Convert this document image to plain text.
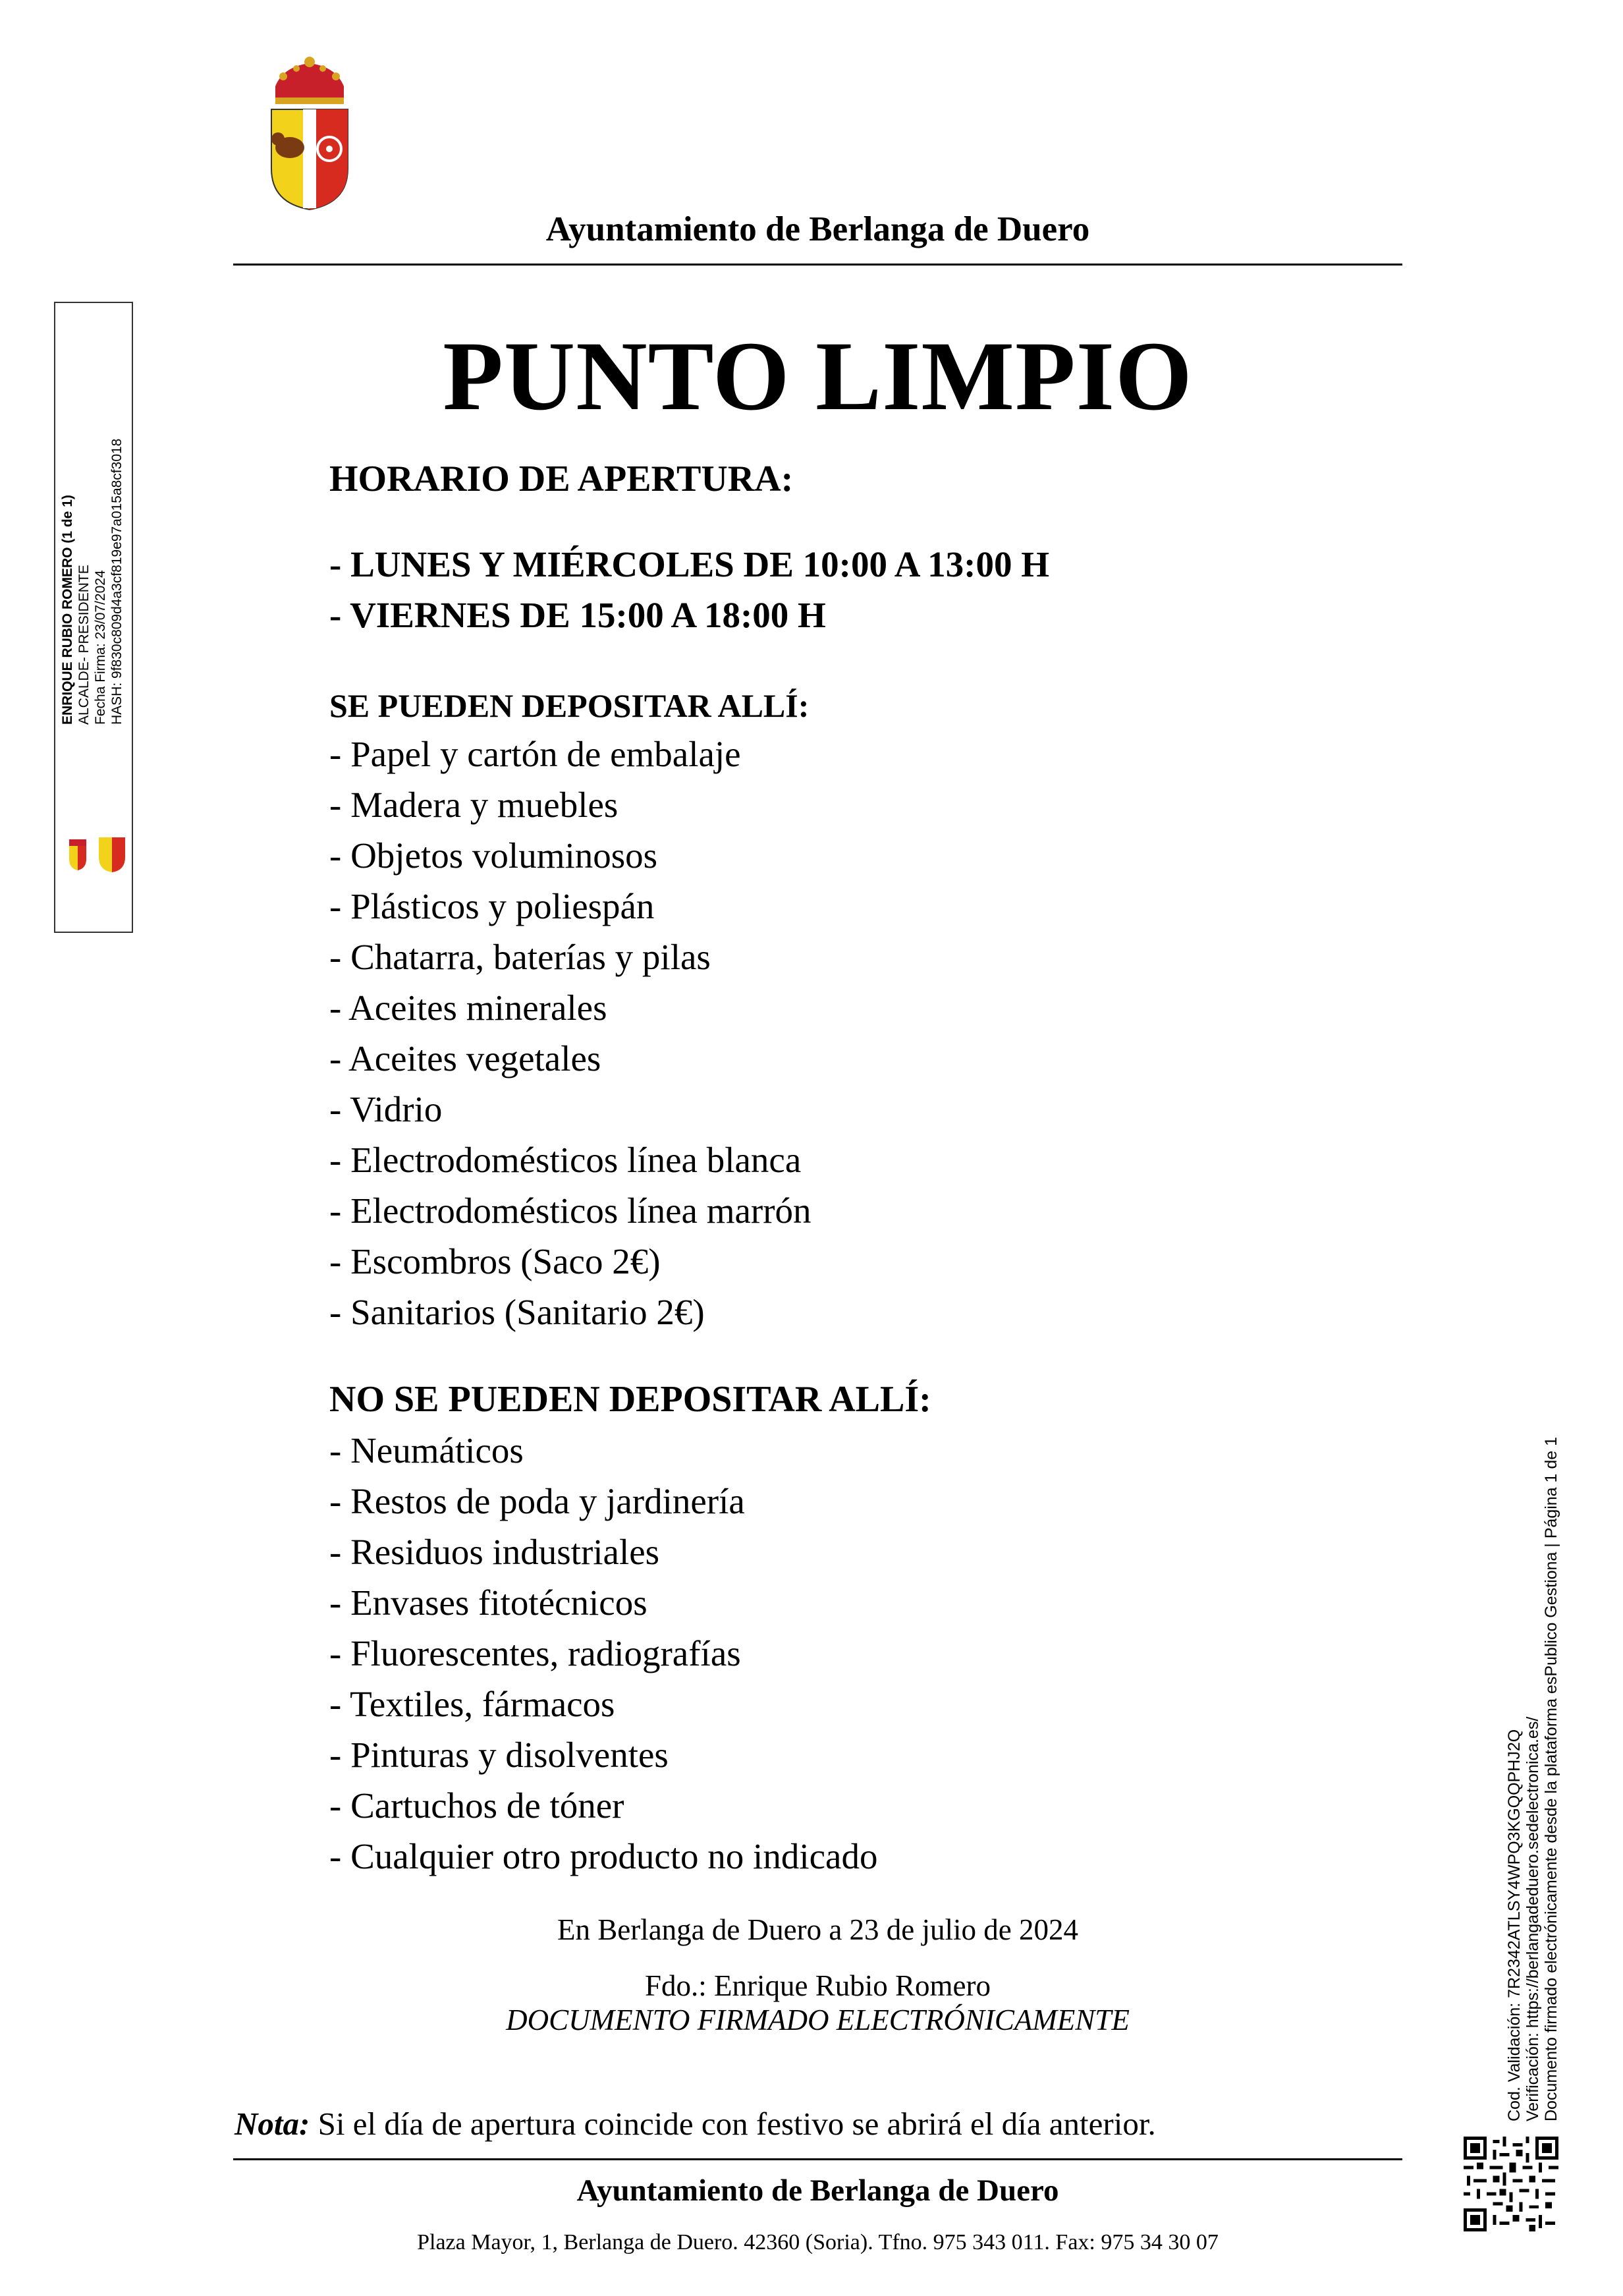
Ayuntamiento de Berlanga de Duero
ENRIQUE RUBIO ROMERO (1 de 1) ALCALDE- PRESIDENTE Fecha Firma: 23/07/2024 HASH: 9f830c809d4a3cf819e97a015a8cf3018
PUNTO LIMPIO
HORARIO DE APERTURA:
- LUNES Y MIÉRCOLES DE 10:00 A 13:00 H
- VIERNES DE 15:00 A 18:00 H
SE PUEDEN DEPOSITAR ALLÍ:
- Papel y cartón de embalaje
- Madera y muebles
- Objetos voluminosos
- Plásticos y poliespán
- Chatarra, baterías y pilas
- Aceites minerales
- Aceites vegetales
- Vidrio
- Electrodomésticos línea blanca
- Electrodomésticos línea marrón
- Escombros (Saco 2€)
- Sanitarios (Sanitario 2€)
NO SE PUEDEN DEPOSITAR ALLÍ:
- Neumáticos
- Restos de poda y jardinería
- Residuos industriales
- Envases fitotécnicos
- Fluorescentes, radiografías
- Textiles, fármacos
- Pinturas y disolventes
- Cartuchos de tóner
- Cualquier otro producto no indicado
En Berlanga de Duero a 23 de julio de 2024
Fdo.: Enrique Rubio Romero
DOCUMENTO FIRMADO ELECTRÓNICAMENTE
Nota: Si el día de apertura coincide con festivo se abrirá el día anterior.
Ayuntamiento de Berlanga de Duero
Plaza Mayor, 1, Berlanga de Duero. 42360 (Soria). Tfno. 975 343 011. Fax: 975 34 30 07
Cod. Validación: 7R2342ATLSY4WPQ3KGQQPHJ2Q Verificación: https://berlangadeduero.sedelectronica.es/ Documento firmado electrónicamente desde la plataforma esPublico Gestiona | Página 1 de 1
